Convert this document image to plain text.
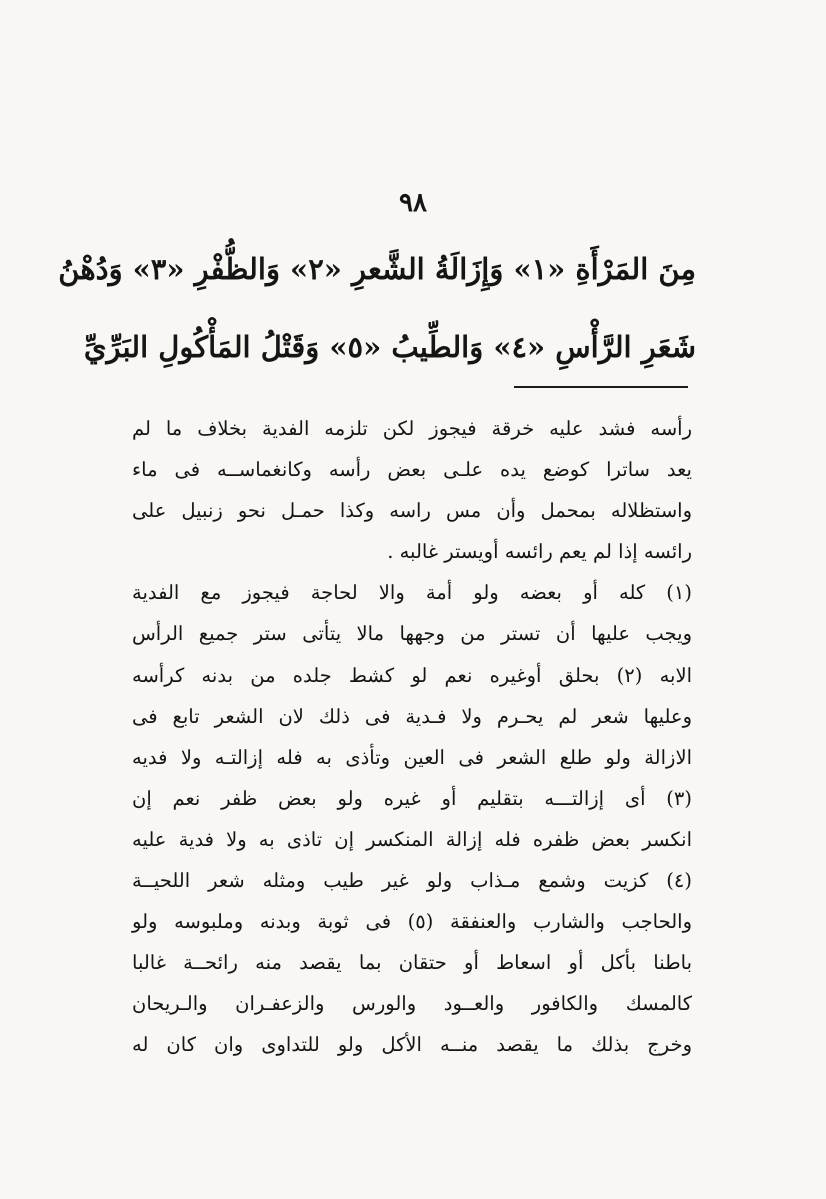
٩٨
مِنَ المَرْأَةِ «١» وَإِزَالَةُ الشَّعرِ «٢» وَالظُّفْرِ «٣» وَدُهْنُ
شَعَرِ الرَّأْسِ «٤» وَالطِّيبُ «٥» وَقَتْلُ المَأْكُولِ البَرِّيِّ
رأسه فشد عليه خرقة فيجوز لكن تلزمه الفدية بخلاف ما لم
يعد ساترا كوضع يده علـى بعض رأسه وكانغماســه فى ماء
واستظلاله بمحمل وأن مس راسه وكذا حمـل نحو زنبيل على
رائسه إذا لم يعم رائسه أويستر غالبه .
(١) كله أو بعضه ولو أمة والا لحاجة فيجوز مع الفدية
ويجب عليها أن تستر من وجهها مالا يتأتى ستر جميع الرأس
الابه (٢) بحلق أوغيره نعم لو كشط جلده من بدنه كرأسه
وعليها شعر لم يحـرم ولا فـدية فى ذلك لان الشعر تابع فى
الازالة ولو طلع الشعر فى العين وتأذى به فله إزالتـه ولا فديه
(٣) أى إزالتـــه بتقليم أو غيره ولو بعض ظفر نعم إن
انكسر بعض ظفره فله إزالة المنكسر إن تاذى به ولا فدية عليه
(٤) كزيت وشمع مـذاب ولو غير طيب ومثله شعر اللحيــة
والحاجب والشارب والعنفقة (٥) فى ثوبة وبدنه وملبوسه ولو
باطنا بأكل أو اسعاط أو حتقان بما يقصد منه رائحــة غالبا
كالمسك والكافور والعــود والورس والزعفـران والـريحان
وخرج بذلك ما يقصد منــه الأكل ولو للتداوى وان كان له
